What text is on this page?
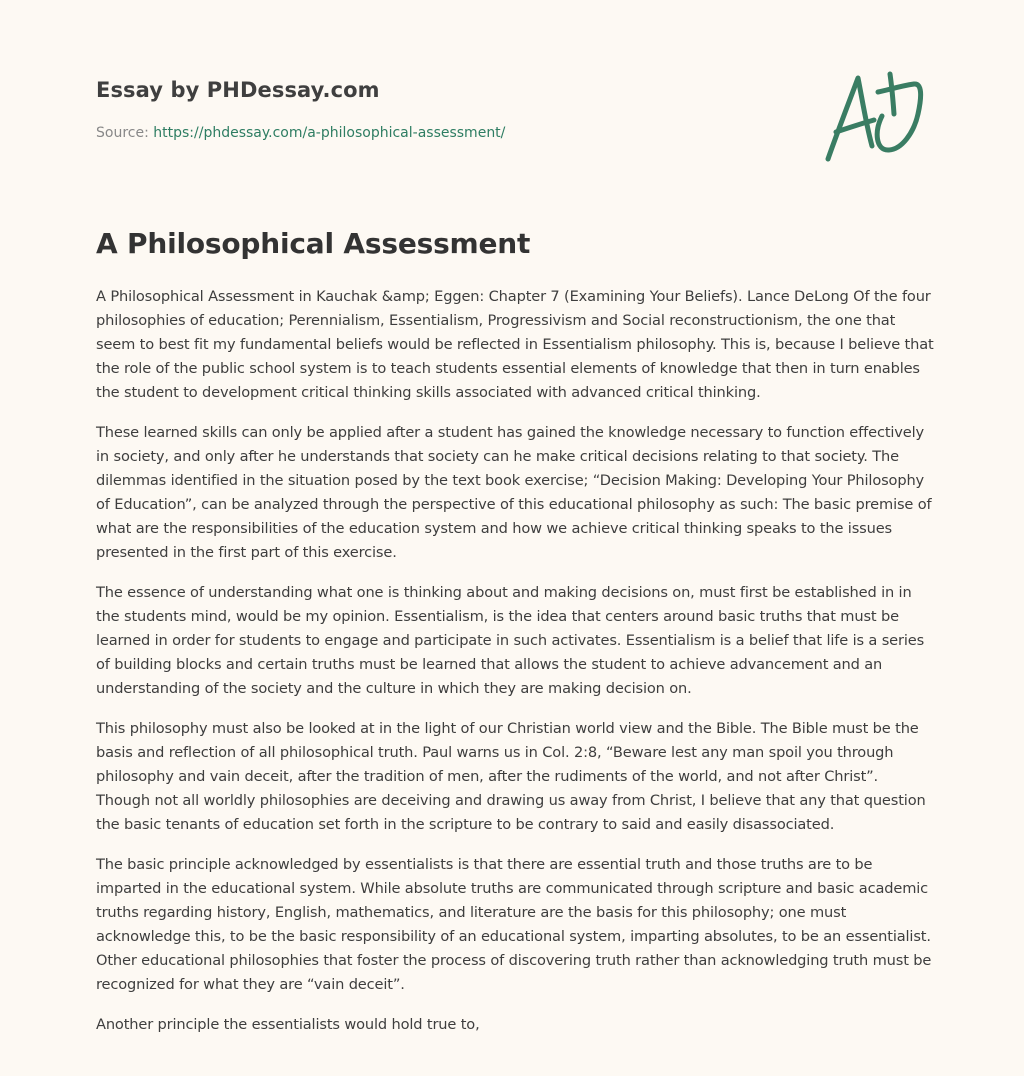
Essay by PHDessay.com
Source: https://phdessay.com/a-philosophical-assessment/
A Philosophical Assessment

A Philosophical Assessment in Kauchak &amp; Eggen: Chapter 7 (Examining Your Beliefs). Lance DeLong Of the four philosophies of education; Perennialism, Essentialism, Progressivism and Social reconstructionism, the one that seem to best fit my fundamental beliefs would be reflected in Essentialism philosophy. This is, because I believe that the role of the public school system is to teach students essential elements of knowledge that then in turn enables the student to development critical thinking skills associated with advanced critical thinking.

These learned skills can only be applied after a student has gained the knowledge necessary to function effectively in society, and only after he understands that society can he make critical decisions relating to that society. The dilemmas identified in the situation posed by the text book exercise; “Decision Making: Developing Your Philosophy of Education”, can be analyzed through the perspective of this educational philosophy as such: The basic premise of what are the responsibilities of the education system and how we achieve critical thinking speaks to the issues presented in the first part of this exercise.

The essence of understanding what one is thinking about and making decisions on, must first be established in in the students mind, would be my opinion. Essentialism, is the idea that centers around basic truths that must be learned in order for students to engage and participate in such activates. Essentialism is a belief that life is a series of building blocks and certain truths must be learned that allows the student to achieve advancement and an understanding of the society and the culture in which they are making decision on.

This philosophy must also be looked at in the light of our Christian world view and the Bible. The Bible must be the basis and reflection of all philosophical truth. Paul warns us in Col. 2:8, “Beware lest any man spoil you through philosophy and vain deceit, after the tradition of men, after the rudiments of the world, and not after Christ”. Though not all worldly philosophies are deceiving and drawing us away from Christ, I believe that any that question the basic tenants of education set forth in the scripture to be contrary to said and easily disassociated.

The basic principle acknowledged by essentialists is that there are essential truth and those truths are to be imparted in the educational system. While absolute truths are communicated through scripture and basic academic truths regarding history, English, mathematics, and literature are the basis for this philosophy; one must acknowledge this, to be the basic responsibility of an educational system, imparting absolutes, to be an essentialist. Other educational philosophies that foster the process of discovering truth rather than acknowledging truth must be recognized for what they are “vain deceit”.

Another principle the essentialists would hold true to,
